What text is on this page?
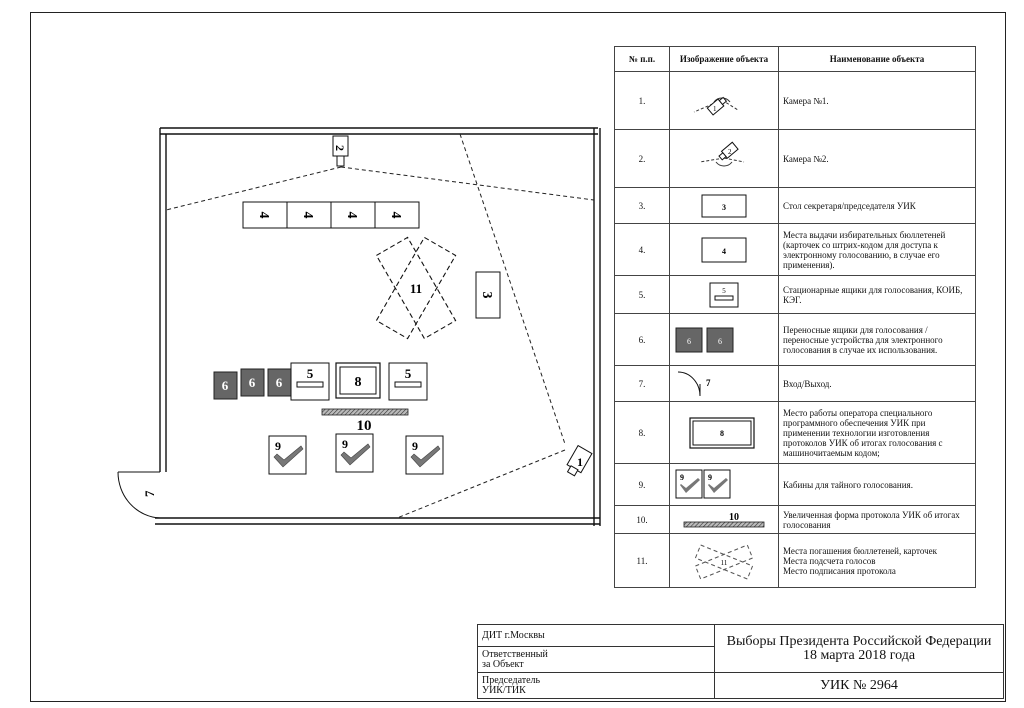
7
2
1
4 4 4 4
3
11
6 6 6
5	5
8
10
9	9	9
№ п.п.	Изображение объекта	Наименование объекта
1.	1	Камера №1.
2.	2	Камера №2.
3.	3	Стол секретаря/председателя УИК
4.	4	Места выдачи избирательных бюллетеней (карточек со штрих-кодом для доступа к электронному голосованию, в случае его применения).
5.	5	Стационарные ящики для голосования, КОИБ, КЭГ.
6.	6 6	Переносные ящики для голосования / переносные устройства для электронного голосования в случае их использования.
7.	7	Вход/Выход.
8.	8	Место работы оператора специального программного обеспечения УИК при применении технологии изготовления протоколов УИК об итогах голосования с машиночитаемым кодом;
9.	9 9	Кабины для тайного голосования.
10.	10	Увеличенная форма протокола УИК об итогах голосования
11.	11	Места погашения бюллетеней, карточек
Места подсчета голосов
Место подписания протокола
ДИТ г.Москвы	Выборы Президента Российской Федерации 18 марта 2018 года
Ответственный
за Объект	
Председатель
УИК/ТИК	УИК № 2964
